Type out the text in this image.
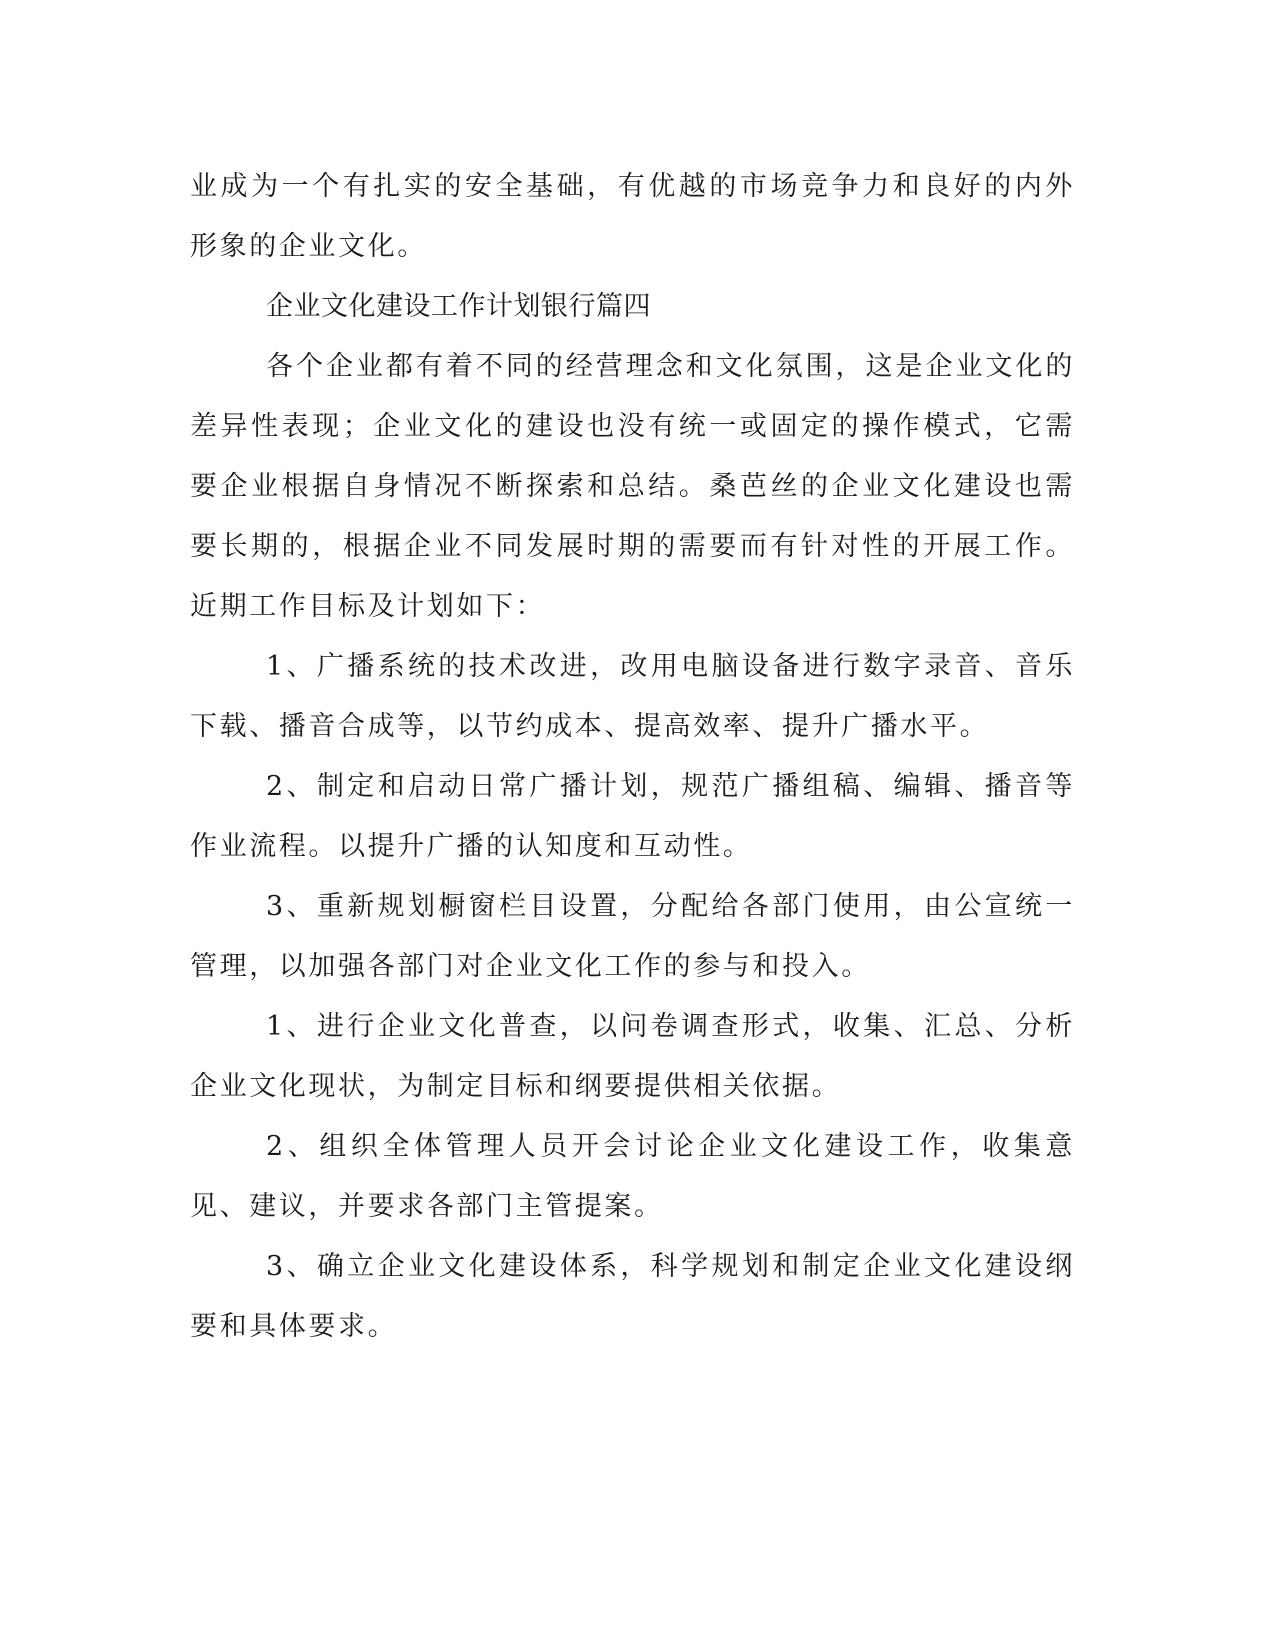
业成为一个有扎实的安全基础，有优越的市场竞争力和良好的内外形象的企业文化。

企业文化建设工作计划银行篇四

各个企业都有着不同的经营理念和文化氛围，这是企业文化的差异性表现；企业文化的建设也没有统一或固定的操作模式，它需要企业根据自身情况不断探索和总结。桑芭丝的企业文化建设也需要长期的，根据企业不同发展时期的需要而有针对性的开展工作。近期工作目标及计划如下：

1、广播系统的技术改进，改用电脑设备进行数字录音、音乐下载、播音合成等，以节约成本、提高效率、提升广播水平。

2、制定和启动日常广播计划，规范广播组稿、编辑、播音等作业流程。以提升广播的认知度和互动性。

3、重新规划橱窗栏目设置，分配给各部门使用，由公宣统一管理，以加强各部门对企业文化工作的参与和投入。

1、进行企业文化普查，以问卷调查形式，收集、汇总、分析企业文化现状，为制定目标和纲要提供相关依据。

2、组织全体管理人员开会讨论企业文化建设工作，收集意见、建议，并要求各部门主管提案。

3、确立企业文化建设体系，科学规划和制定企业文化建设纲要和具体要求。
